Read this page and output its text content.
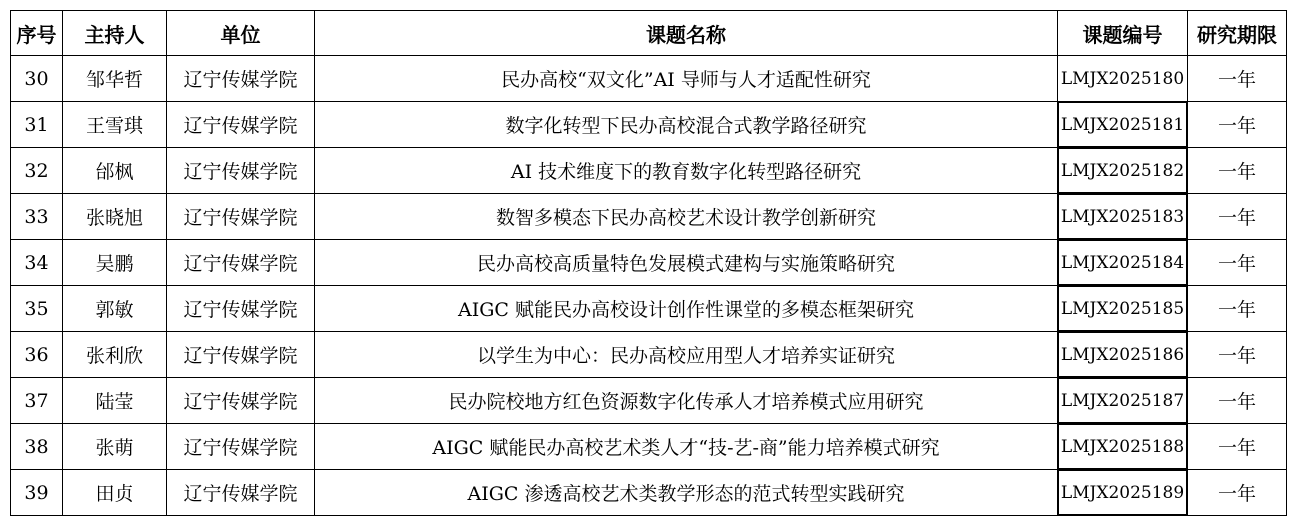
序号	主持人	单位	课题名称	课题编号	研究期限
30	邹华哲	辽宁传媒学院	民办高校“双文化”AI 导师与人才适配性研究	LMJX2025180	一年
31	王雪琪	辽宁传媒学院	数字化转型下民办高校混合式教学路径研究	LMJX2025181	一年
32	邰枫	辽宁传媒学院	AI 技术维度下的教育数字化转型路径研究	LMJX2025182	一年
33	张晓旭	辽宁传媒学院	数智多模态下民办高校艺术设计教学创新研究	LMJX2025183	一年
34	吴鹏	辽宁传媒学院	民办高校高质量特色发展模式建构与实施策略研究	LMJX2025184	一年
35	郭敏	辽宁传媒学院	AIGC 赋能民办高校设计创作性课堂的多模态框架研究	LMJX2025185	一年
36	张利欣	辽宁传媒学院	以学生为中心：民办高校应用型人才培养实证研究	LMJX2025186	一年
37	陆莹	辽宁传媒学院	民办院校地方红色资源数字化传承人才培养模式应用研究	LMJX2025187	一年
38	张萌	辽宁传媒学院	AIGC 赋能民办高校艺术类人才“技-艺-商”能力培养模式研究	LMJX2025188	一年
39	田贞	辽宁传媒学院	AIGC 渗透高校艺术类教学形态的范式转型实践研究	LMJX2025189	一年
